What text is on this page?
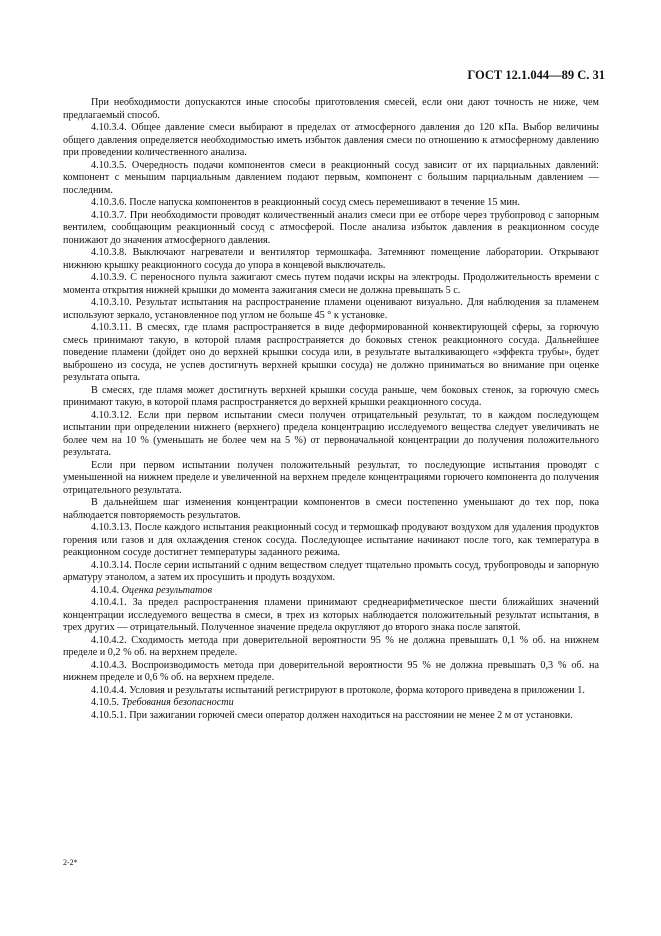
ГОСТ 12.1.044—89 С. 31

При необходимости допускаются иные способы приготовления смесей, если они дают точность не ниже, чем предлагаемый способ.

4.10.3.4. Общее давление смеси выбирают в пределах от атмосферного давления до 120 кПа. Выбор величины общего давления определяется необходимостью иметь избыток давления смеси по отношению к атмосферному давлению при проведении количественного анализа.

4.10.3.5. Очередность подачи компонентов смеси в реакционный сосуд зависит от их парциальных давлений: компонент с меньшим парциальным давлением подают первым, компонент с большим парциальным давлением — последним.

4.10.3.6. После напуска компонентов в реакционный сосуд смесь перемешивают в течение 15 мин.

4.10.3.7. При необходимости проводят количественный анализ смеси при ее отборе через трубопровод с запорным вентилем, сообщающим реакционный сосуд с атмосферой. После анализа избыток давления в реакционном сосуде понижают до значения атмосферного давления.

4.10.3.8. Выключают нагреватели и вентилятор термошкафа. Затемняют помещение лаборатории. Открывают нижнюю крышку реакционного сосуда до упора в концевой выключатель.

4.10.3.9. С переносного пульта зажигают смесь путем подачи искры на электроды. Продолжительность времени с момента открытия нижней крышки до момента зажигания смеси не должна превышать 5 с.

4.10.3.10. Результат испытания на распространение пламени оценивают визуально. Для наблюдения за пламенем используют зеркало, установленное под углом не больше 45 ° к установке.

4.10.3.11. В смесях, где пламя распространяется в виде деформированной конвектирующей сферы, за горючую смесь принимают такую, в которой пламя распространяется до боковых стенок реакционного сосуда. Дальнейшее поведение пламени (дойдет оно до верхней крышки сосуда или, в результате выталкивающего «эффекта трубы», будет выброшено из сосуда, не успев достигнуть верхней крышки сосуда) не должно приниматься во внимание при оценке результата опыта.

В смесях, где пламя может достигнуть верхней крышки сосуда раньше, чем боковых стенок, за горючую смесь принимают такую, в которой пламя распространяется до верхней крышки реакционного сосуда.

4.10.3.12. Если при первом испытании смеси получен отрицательный результат, то в каждом последующем испытании при определении нижнего (верхнего) предела концентрацию исследуемого вещества следует увеличивать не более чем на 10 % (уменьшать не более чем на 5 %) от первоначальной концентрации до получения положительного результата.

Если при первом испытании получен положительный результат, то последующие испытания проводят с уменьшенной на нижнем пределе и увеличенной на верхнем пределе концентрациями горючего компонента до получения отрицательного результата.

В дальнейшем шаг изменения концентрации компонентов в смеси постепенно уменьшают до тех пор, пока наблюдается повторяемость результатов.

4.10.3.13. После каждого испытания реакционный сосуд и термошкаф продувают воздухом для удаления продуктов горения или газов и для охлаждения стенок сосуда. Последующее испытание начинают после того, как температура в реакционном сосуде достигнет температуры заданного режима.

4.10.3.14. После серии испытаний с одним веществом следует тщательно промыть сосуд, трубопроводы и запорную арматуру этанолом, а затем их просушить и продуть воздухом.

4.10.4. Оценка результатов

4.10.4.1. За предел распространения пламени принимают среднеарифметическое шести ближайших значений концентрации исследуемого вещества в смеси, в трех из которых наблюдается положительный результат испытания, в трех других — отрицательный. Полученное значение предела округляют до второго знака после запятой.

4.10.4.2. Сходимость метода при доверительной вероятности 95 % не должна превышать 0,1 % об. на нижнем пределе и 0,2 % об. на верхнем пределе.

4.10.4.3. Воспроизводимость метода при доверительной вероятности 95 % не должна превышать 0,3 % об. на нижнем пределе и 0,6 % об. на верхнем пределе.

4.10.4.4. Условия и результаты испытаний регистрируют в протоколе, форма которого приведена в приложении 1.

4.10.5. Требования безопасности

4.10.5.1. При зажигании горючей смеси оператор должен находиться на расстоянии не менее 2 м от установки.

2-2*
